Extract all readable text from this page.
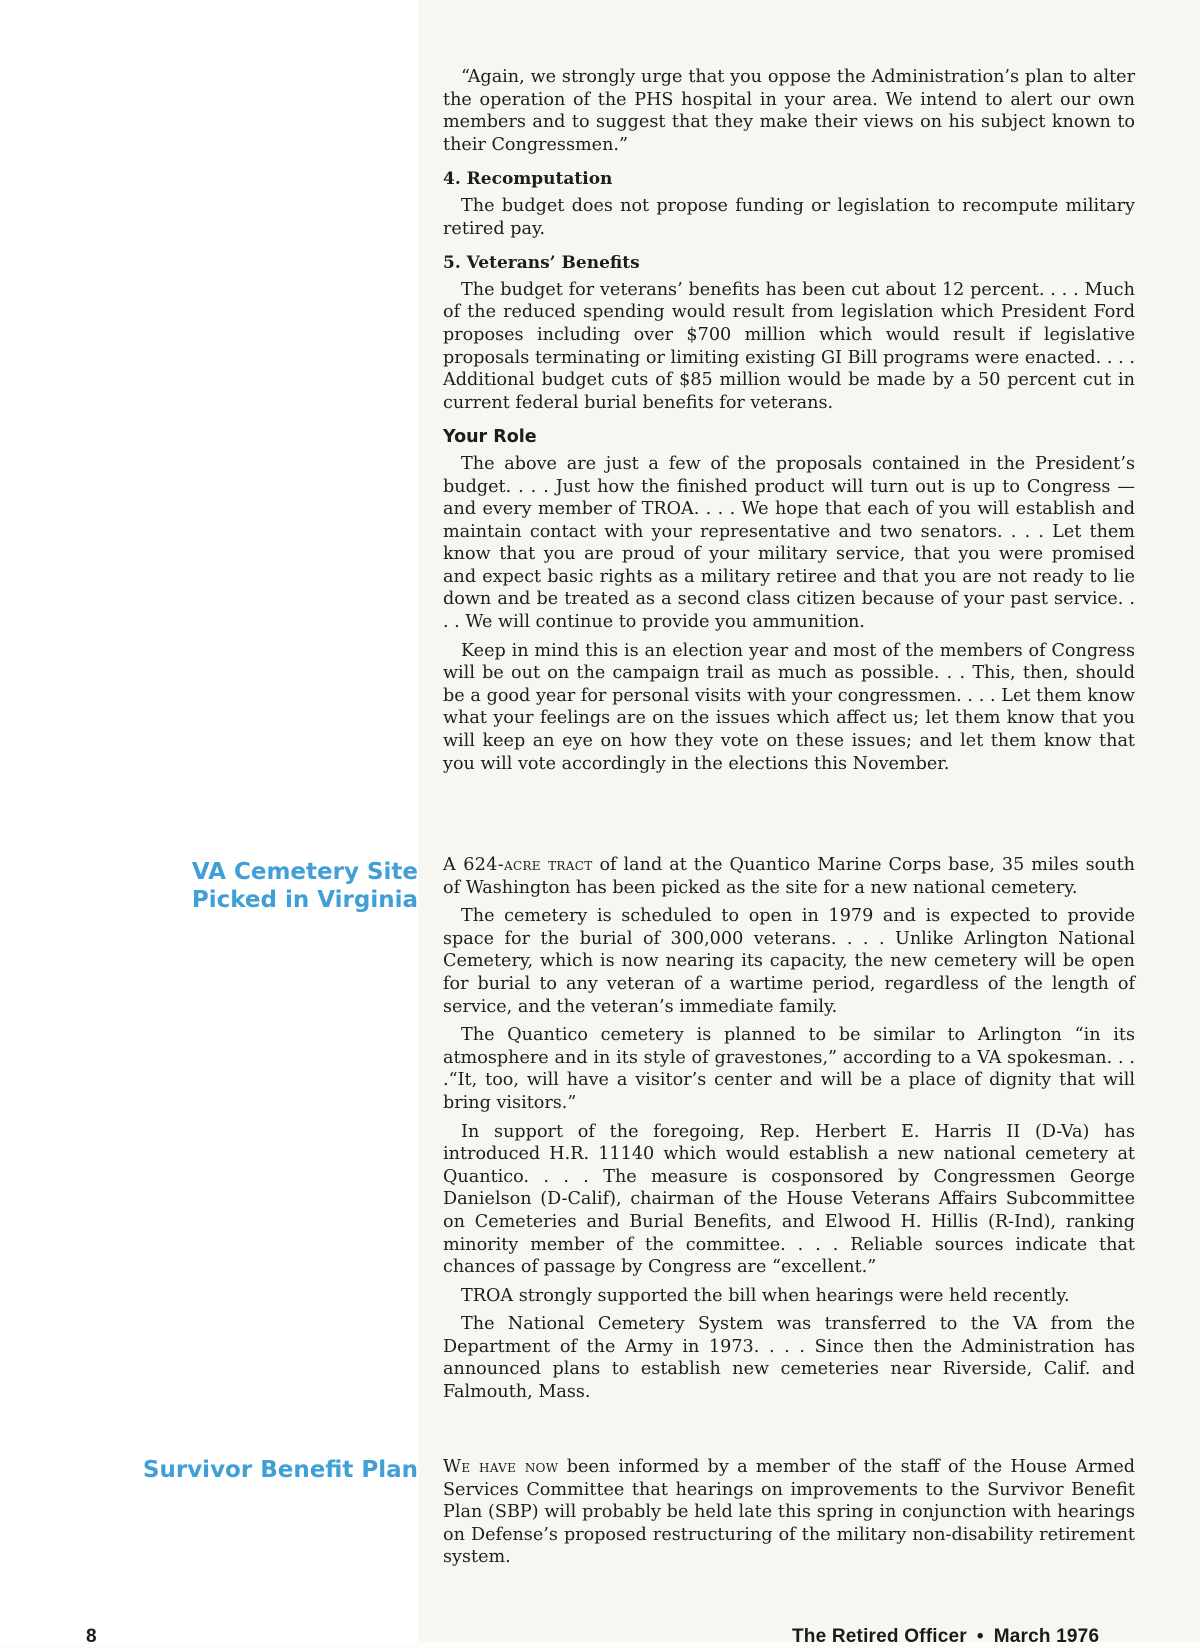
“Again, we strongly urge that you oppose the Administration’s plan to alter the operation of the PHS hospital in your area. We intend to alert our own members and to suggest that they make their views on his subject known to their Congressmen.”

4. Recomputation

The budget does not propose funding or legislation to recompute military retired pay.

5. Veterans’ Benefits

The budget for veterans’ benefits has been cut about 12 percent. . . . Much of the reduced spending would result from legislation which President Ford proposes including over $700 million which would result if legislative proposals terminating or limiting existing GI Bill programs were enacted. . . . Additional budget cuts of $85 million would be made by a 50 percent cut in current federal burial benefits for veterans.

Your Role

The above are just a few of the proposals contained in the President’s budget. . . . Just how the finished product will turn out is up to Congress —and every member of TROA. . . . We hope that each of you will establish and maintain contact with your representative and two senators. . . . Let them know that you are proud of your military service, that you were promised and expect basic rights as a military retiree and that you are not ready to lie down and be treated as a second class citizen because of your past service. . . . We will continue to provide you ammunition.

Keep in mind this is an election year and most of the members of Congress will be out on the campaign trail as much as possible. . . This, then, should be a good year for personal visits with your congressmen. . . . Let them know what your feelings are on the issues which affect us; let them know that you will keep an eye on how they vote on these issues; and let them know that you will vote accordingly in the elections this November.

VA Cemetery Site
Picked in Virginia

A 624-acre tract of land at the Quantico Marine Corps base, 35 miles south of Washington has been picked as the site for a new national cemetery.

The cemetery is scheduled to open in 1979 and is expected to provide space for the burial of 300,000 veterans. . . . Unlike Arlington National Cemetery, which is now nearing its capacity, the new cemetery will be open for burial to any veteran of a wartime period, regardless of the length of service, and the veteran’s immediate family.

The Quantico cemetery is planned to be similar to Arlington “in its atmosphere and in its style of gravestones,” according to a VA spokesman. . . .“It, too, will have a visitor’s center and will be a place of dignity that will bring visitors.”

In support of the foregoing, Rep. Herbert E. Harris II (D-Va) has introduced H.R. 11140 which would establish a new national cemetery at Quantico. . . . The measure is cosponsored by Congressmen George Danielson (D-Calif), chairman of the House Veterans Affairs Subcommittee on Cemeteries and Burial Benefits, and Elwood H. Hillis (R-Ind), ranking minority member of the committee. . . . Reliable sources indicate that chances of passage by Congress are “excellent.”

TROA strongly supported the bill when hearings were held recently.

The National Cemetery System was transferred to the VA from the Department of the Army in 1973. . . . Since then the Administration has announced plans to establish new cemeteries near Riverside, Calif. and Falmouth, Mass.

Survivor Benefit Plan We have now been informed by a member of the staff of the House Armed Services Committee that hearings on improvements to the Survivor Benefit Plan (SBP) will probably be held late this spring in conjunction with hearings on Defense’s proposed restructuring of the military non-disability retirement system.

8	The Retired Officer • March 1976
